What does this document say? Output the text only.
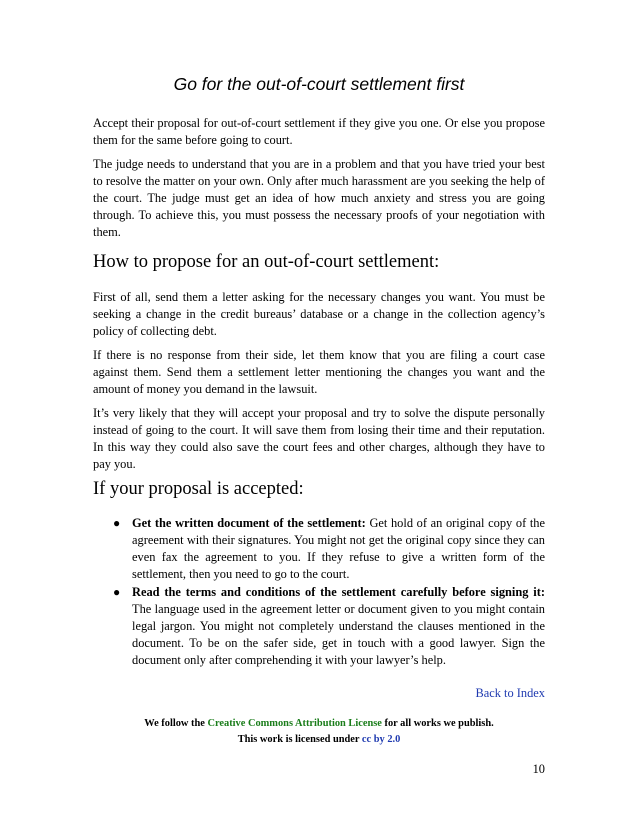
Go for the out-of-court settlement first

Accept their proposal for out-of-court settlement if they give you one. Or else you propose them for the same before going to court.

The judge needs to understand that you are in a problem and that you have tried your best to resolve the matter on your own. Only after much harassment are you seeking the help of the court. The judge must get an idea of how much anxiety and stress you are going through. To achieve this, you must possess the necessary proofs of your negotiation with them.

How to propose for an out-of-court settlement:

First of all, send them a letter asking for the necessary changes you want. You must be seeking a change in the credit bureaus’ database or a change in the collection agency’s policy of collecting debt.

If there is no response from their side, let them know that you are filing a court case against them. Send them a settlement letter mentioning the changes you want and the amount of money you demand in the lawsuit.

It’s very likely that they will accept your proposal and try to solve the dispute personally instead of going to the court. It will save them from losing their time and their reputation. In this way they could also save the court fees and other charges, although they have to pay you.

If your proposal is accepted:
● Get the written document of the settlement: Get hold of an original copy of the agreement with their signatures. You might not get the original copy since they can even fax the agreement to you. If they refuse to give a written form of the settlement, then you need to go to the court.

● Read the terms and conditions of the settlement carefully before signing it: The language used in the agreement letter or document given to you might contain legal jargon. You might not completely understand the clauses mentioned in the document. To be on the safer side, get in touch with a good lawyer. Sign the document only after comprehending it with your lawyer’s help.

Back to Index
We follow the Creative Commons Attribution License for all works we publish.
This work is licensed under cc by 2.0
10
